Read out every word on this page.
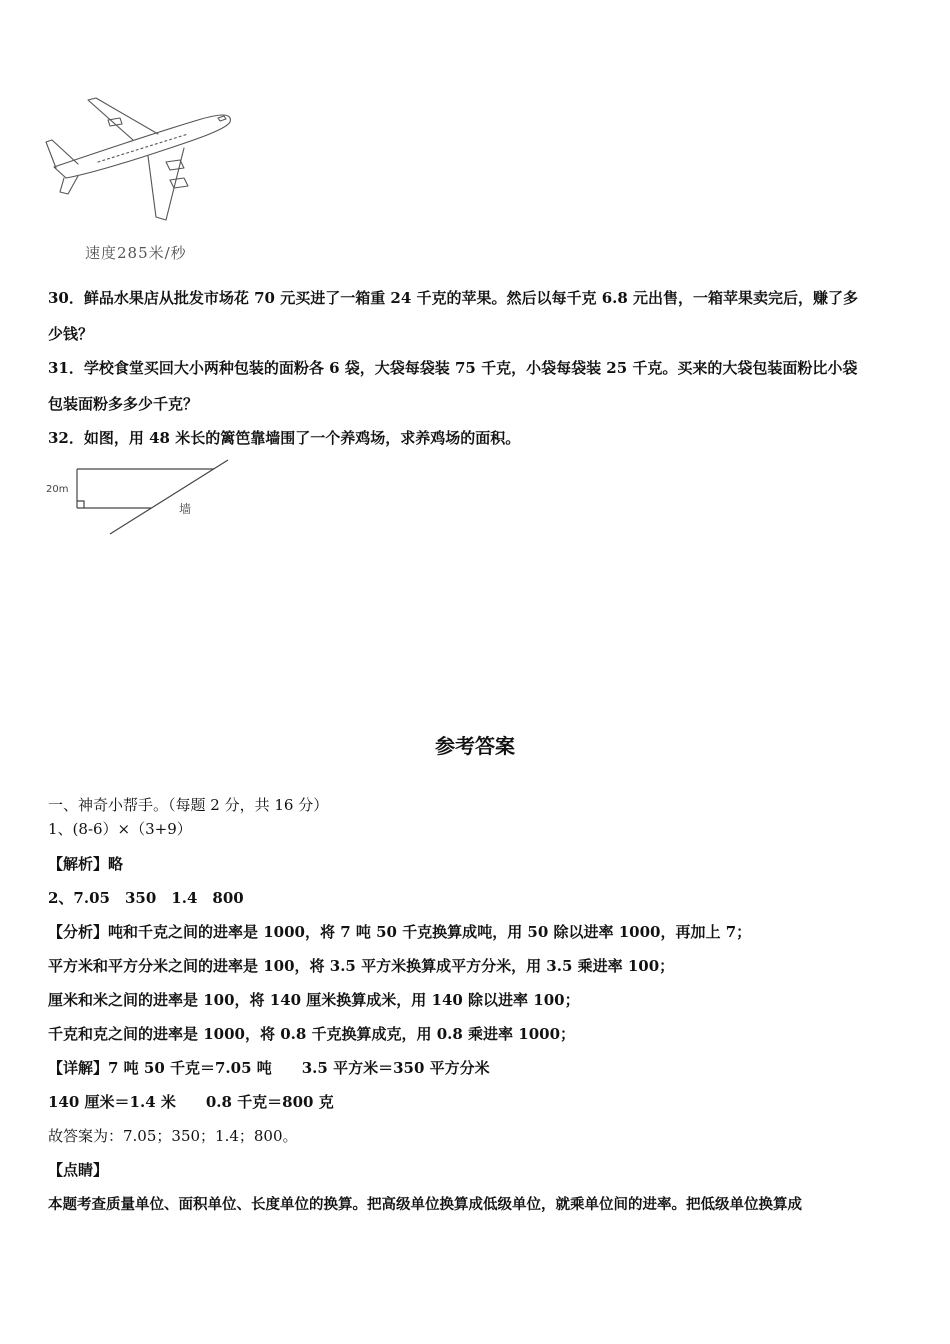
速度285米/秒
30．鲜品水果店从批发市场花 70 元买进了一箱重 24 千克的苹果。然后以每千克 6.8 元出售，一箱苹果卖完后，赚了多
少钱？
31．学校食堂买回大小两种包装的面粉各 6 袋，大袋每袋装 75 千克，小袋每袋装 25 千克。买来的大袋包装面粉比小袋
包装面粉多多少千克？
32．如图，用 48 米长的篱笆靠墙围了一个养鸡场，求养鸡场的面积。
20m
墙
参考答案
一、神奇小帮手。（每题 2 分，共 16 分）
1、(8-6）×（3+9）
【解析】略
2、7.05　350　1.4　800
【分析】吨和千克之间的进率是 1000，将 7 吨 50 千克换算成吨，用 50 除以进率 1000，再加上 7；
平方米和平方分米之间的进率是 100，将 3.5 平方米换算成平方分米，用 3.5 乘进率 100；
厘米和米之间的进率是 100，将 140 厘米换算成米，用 140 除以进率 100；
千克和克之间的进率是 1000，将 0.8 千克换算成克，用 0.8 乘进率 1000；
【详解】7 吨 50 千克＝7.05 吨　　3.5 平方米＝350 平方分米
140 厘米＝1.4 米　　0.8 千克＝800 克
故答案为：7.05；350；1.4；800。
【点睛】
本题考查质量单位、面积单位、长度单位的换算。把高级单位换算成低级单位，就乘单位间的进率。把低级单位换算成
